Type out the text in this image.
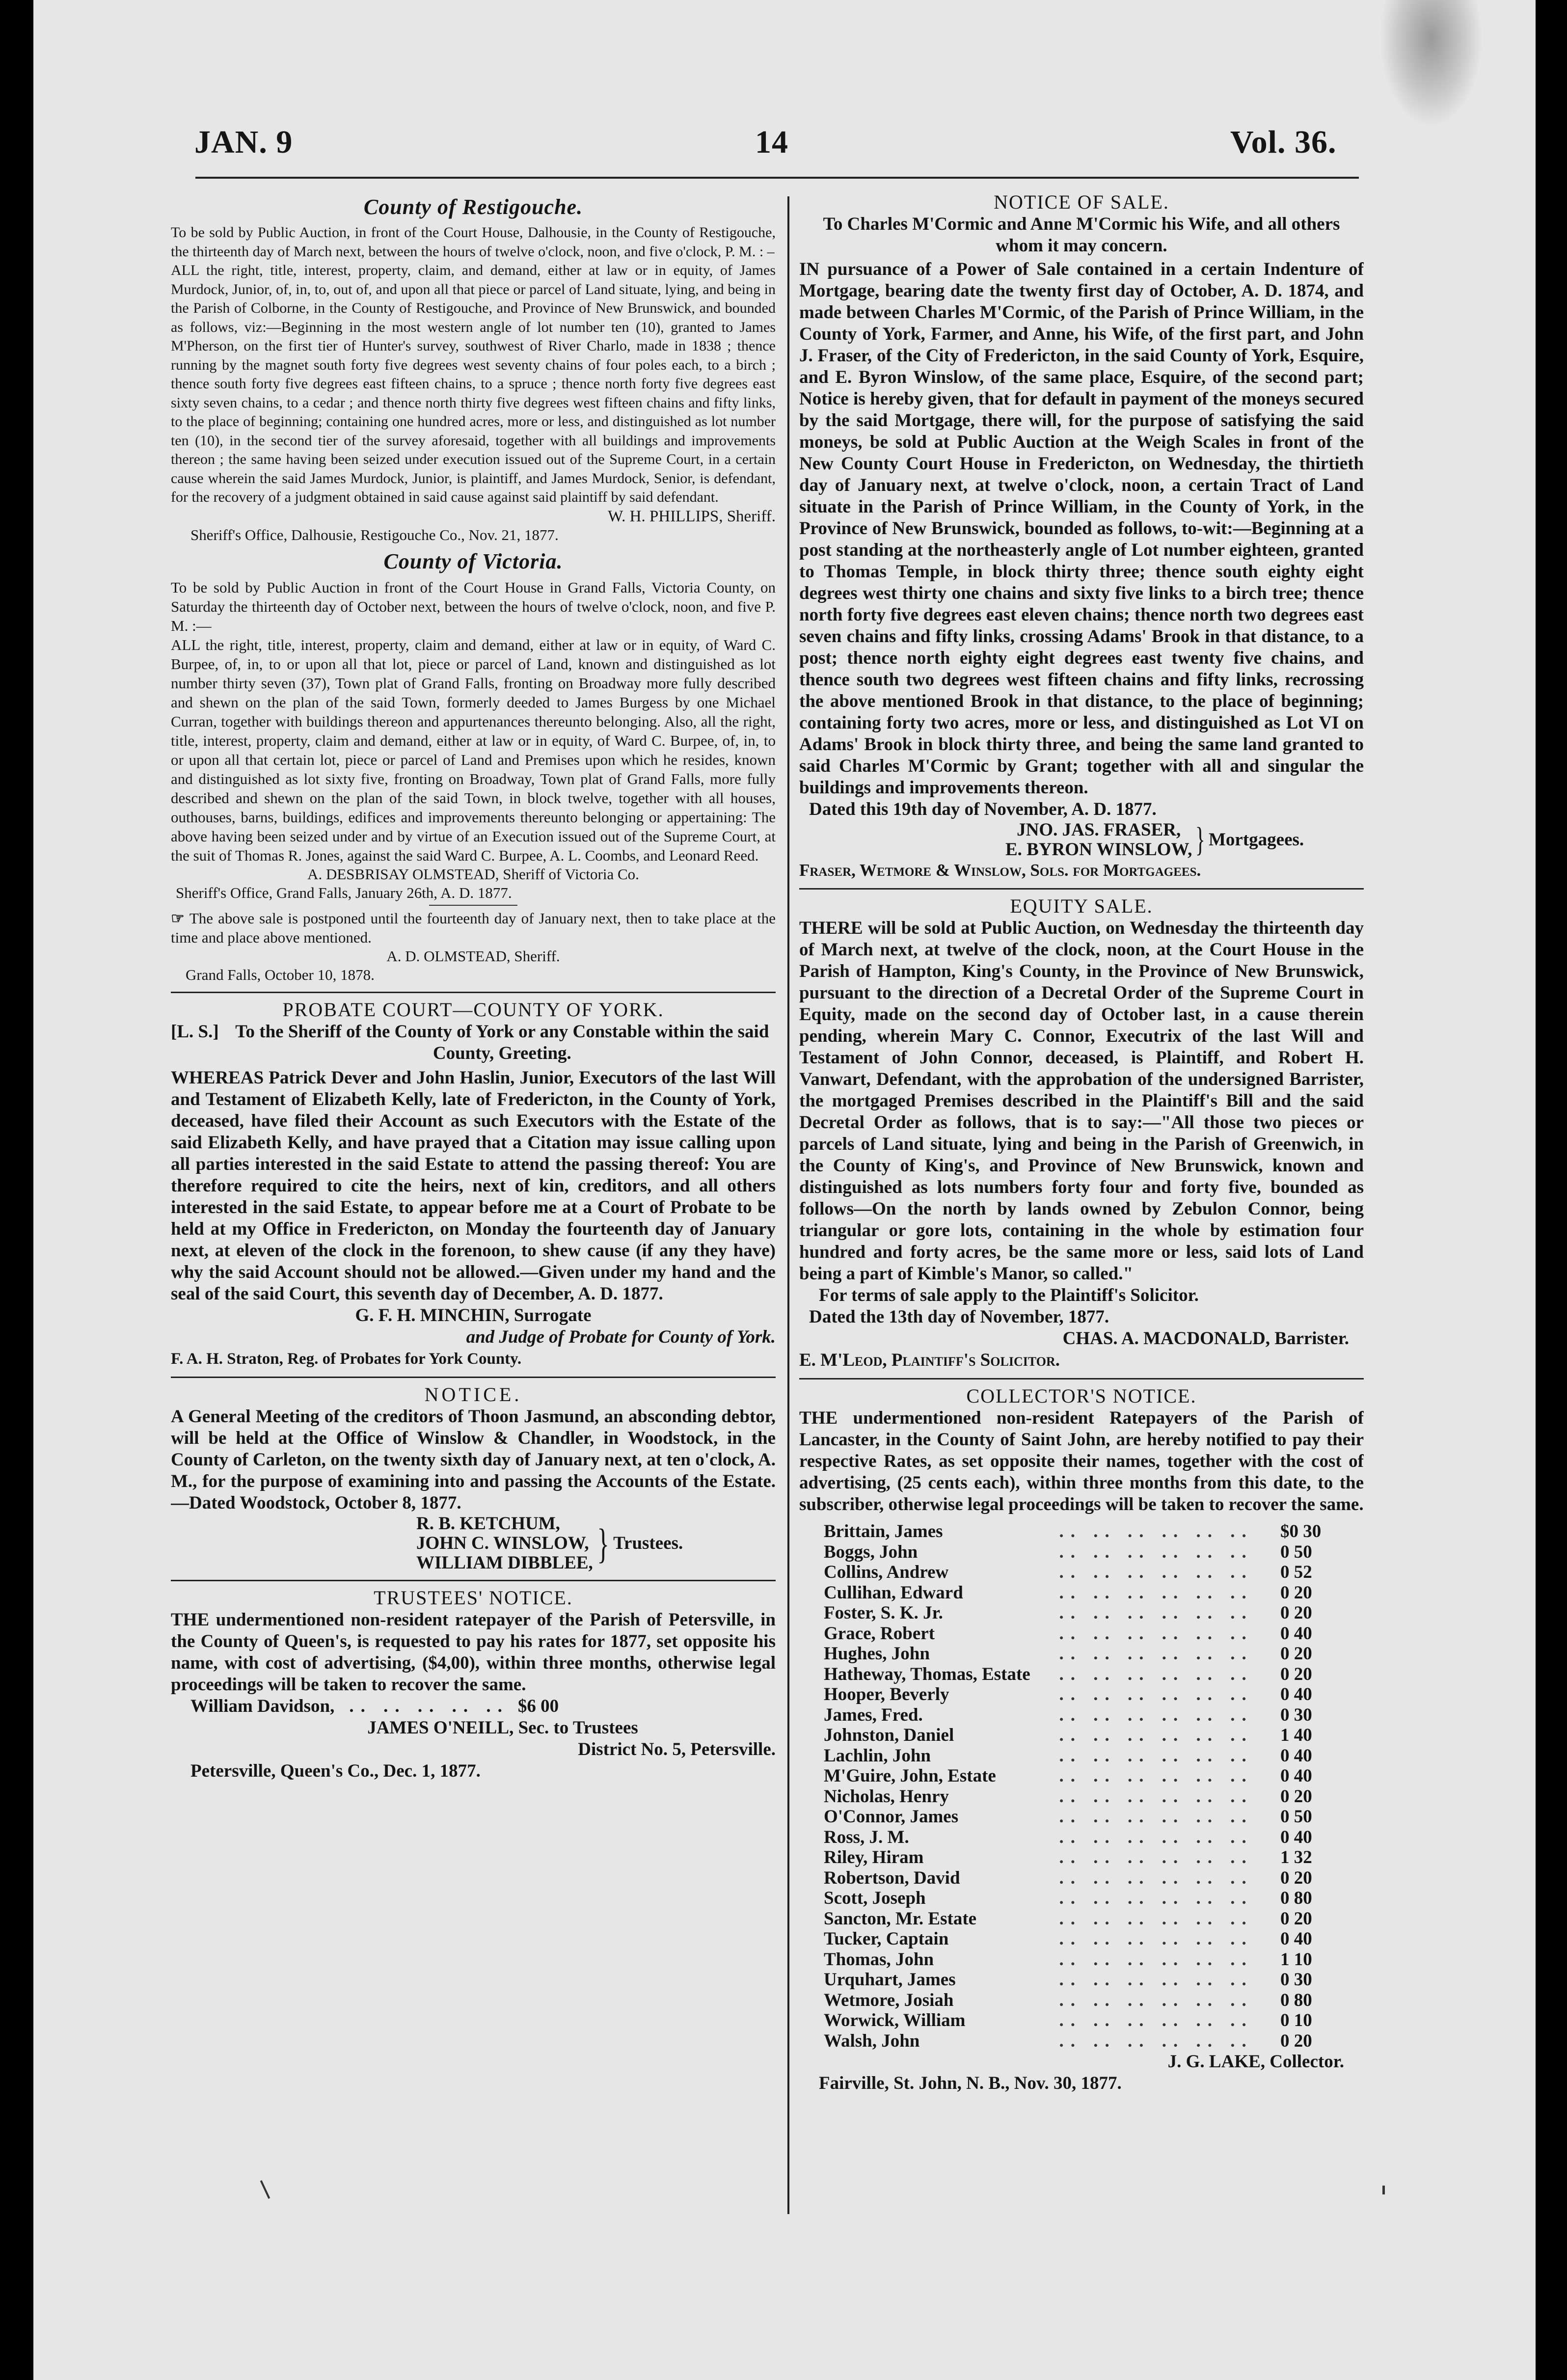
JAN. 9	14	Vol. 36.
County of Restigouche.
To be sold by Public Auction, in front of the Court House, Dalhousie, in the County of Restigouche, the thirteenth day of March next, between the hours of twelve o'clock, noon, and five o'clock, P. M. : –
ALL the right, title, interest, property, claim, and demand, either at law or in equity, of James Murdock, Junior, of, in, to, out of, and upon all that piece or parcel of Land situate, lying, and being in the Parish of Colborne, in the County of Restigouche, and Province of New Brunswick, and bounded as follows, viz:—Beginning in the most western angle of lot number ten (10), granted to James M'Pherson, on the first tier of Hunter's survey, southwest of River Charlo, made in 1838 ; thence running by the magnet south forty five degrees west seventy chains of four poles each, to a birch ; thence south forty five degrees east fifteen chains, to a spruce ; thence north forty five degrees east sixty seven chains, to a cedar ; and thence north thirty five degrees west fifteen chains and fifty links, to the place of beginning; containing one hundred acres, more or less, and distinguished as lot number ten (10), in the second tier of the survey aforesaid, together with all buildings and improvements thereon ; the same having been seized under execution issued out of the Supreme Court, in a certain cause wherein the said James Murdock, Junior, is plaintiff, and James Murdock, Senior, is defendant, for the recovery of a judgment obtained in said cause against said plaintiff by said defendant.
W. H. PHILLIPS, Sheriff.
Sheriff's Office, Dalhousie, Restigouche Co., Nov. 21, 1877.
County of Victoria.
To be sold by Public Auction in front of the Court House in Grand Falls, Victoria County, on Saturday the thirteenth day of October next, between the hours of twelve o'clock, noon, and five P. M. :—
ALL the right, title, interest, property, claim and demand, either at law or in equity, of Ward C. Burpee, of, in, to or upon all that lot, piece or parcel of Land, known and distinguished as lot number thirty seven (37), Town plat of Grand Falls, fronting on Broadway more fully described and shewn on the plan of the said Town, formerly deeded to James Burgess by one Michael Curran, together with buildings thereon and appurtenances thereunto belonging. Also, all the right, title, interest, property, claim and demand, either at law or in equity, of Ward C. Burpee, of, in, to or upon all that certain lot, piece or parcel of Land and Premises upon which he resides, known and distinguished as lot sixty five, fronting on Broadway, Town plat of Grand Falls, more fully described and shewn on the plan of the said Town, in block twelve, together with all houses, outhouses, barns, buildings, edifices and improvements thereunto belonging or appertaining: The above having been seized under and by virtue of an Execution issued out of the Supreme Court, at the suit of Thomas R. Jones, against the said Ward C. Burpee, A. L. Coombs, and Leonard Reed.
A. DESBRISAY OLMSTEAD, Sheriff of Victoria Co.
Sheriff's Office, Grand Falls, January 26th, A. D. 1877.
☞ The above sale is postponed until the fourteenth day of January next, then to take place at the time and place above mentioned.
A. D. OLMSTEAD, Sheriff.
Grand Falls, October 10, 1878.
PROBATE COURT—COUNTY OF YORK.
[L. S.] To the Sheriff of the County of York or any Constable within the said County, Greeting.
WHEREAS Patrick Dever and John Haslin, Junior, Executors of the last Will and Testament of Elizabeth Kelly, late of Fredericton, in the County of York, deceased, have filed their Account as such Executors with the Estate of the said Elizabeth Kelly, and have prayed that a Citation may issue calling upon all parties interested in the said Estate to attend the passing thereof: You are therefore required to cite the heirs, next of kin, creditors, and all others interested in the said Estate, to appear before me at a Court of Probate to be held at my Office in Fredericton, on Monday the fourteenth day of January next, at eleven of the clock in the forenoon, to shew cause (if any they have) why the said Account should not be allowed.—Given under my hand and the seal of the said Court, this seventh day of December, A. D. 1877.
G. F. H. MINCHIN, Surrogate
and Judge of Probate for County of York.
F. A. H. Straton, Reg. of Probates for York County.
NOTICE.
A General Meeting of the creditors of Thoon Jasmund, an absconding debtor, will be held at the Office of Winslow & Chandler, in Woodstock, in the County of Carleton, on the twenty sixth day of January next, at ten o'clock, A. M., for the purpose of examining into and passing the Accounts of the Estate.—Dated Woodstock, October 8, 1877.
R. B. KETCHUM,
JOHN C. WINSLOW,
WILLIAM DIBBLEE, } Trustees.
TRUSTEES' NOTICE.
THE undermentioned non-resident ratepayer of the Parish of Petersville, in the County of Queen's, is requested to pay his rates for 1877, set opposite his name, with cost of advertising, ($4,00), within three months, otherwise legal proceedings will be taken to recover the same.
William Davidson, .. .. .. .. .. $6 00
JAMES O'NEILL, Sec. to Trustees
District No. 5, Petersville.
Petersville, Queen's Co., Dec. 1, 1877.
NOTICE OF SALE.
To Charles M'Cormic and Anne M'Cormic his Wife, and all others whom it may concern.
IN pursuance of a Power of Sale contained in a certain Indenture of Mortgage, bearing date the twenty first day of October, A. D. 1874, and made between Charles M'Cormic, of the Parish of Prince William, in the County of York, Farmer, and Anne, his Wife, of the first part, and John J. Fraser, of the City of Fredericton, in the said County of York, Esquire, and E. Byron Winslow, of the same place, Esquire, of the second part; Notice is hereby given, that for default in payment of the moneys secured by the said Mortgage, there will, for the purpose of satisfying the said moneys, be sold at Public Auction at the Weigh Scales in front of the New County Court House in Fredericton, on Wednesday, the thirtieth day of January next, at twelve o'clock, noon, a certain Tract of Land situate in the Parish of Prince William, in the County of York, in the Province of New Brunswick, bounded as follows, to-wit:—Beginning at a post standing at the northeasterly angle of Lot number eighteen, granted to Thomas Temple, in block thirty three; thence south eighty eight degrees west thirty one chains and sixty five links to a birch tree; thence north forty five degrees east eleven chains; thence north two degrees east seven chains and fifty links, crossing Adams' Brook in that distance, to a post; thence north eighty eight degrees east twenty five chains, and thence south two degrees west fifteen chains and fifty links, recrossing the above mentioned Brook in that distance, to the place of beginning; containing forty two acres, more or less, and distinguished as Lot VI on Adams' Brook in block thirty three, and being the same land granted to said Charles M'Cormic by Grant; together with all and singular the buildings and improvements thereon.
Dated this 19th day of November, A. D. 1877.
JNO. JAS. FRASER,
E. BYRON WINSLOW, } Mortgagees.
Fraser, Wetmore & Winslow, Sols. for Mortgagees.
EQUITY SALE.
THERE will be sold at Public Auction, on Wednesday the thirteenth day of March next, at twelve of the clock, noon, at the Court House in the Parish of Hampton, King's County, in the Province of New Brunswick, pursuant to the direction of a Decretal Order of the Supreme Court in Equity, made on the second day of October last, in a cause therein pending, wherein Mary C. Connor, Executrix of the last Will and Testament of John Connor, deceased, is Plaintiff, and Robert H. Vanwart, Defendant, with the approbation of the undersigned Barrister, the mortgaged Premises described in the Plaintiff's Bill and the said Decretal Order as follows, that is to say:—"All those two pieces or parcels of Land situate, lying and being in the Parish of Greenwich, in the County of King's, and Province of New Brunswick, known and distinguished as lots numbers forty four and forty five, bounded as follows—On the north by lands owned by Zebulon Connor, being triangular or gore lots, containing in the whole by estimation four hundred and forty acres, be the same more or less, said lots of Land being a part of Kimble's Manor, so called."
For terms of sale apply to the Plaintiff's Solicitor.
Dated the 13th day of November, 1877.
CHAS. A. MACDONALD, Barrister.
E. M'Leod, Plaintiff's Solicitor.
COLLECTOR'S NOTICE.
THE undermentioned non-resident Ratepayers of the Parish of Lancaster, in the County of Saint John, are hereby notified to pay their respective Rates, as set opposite their names, together with the cost of advertising, (25 cents each), within three months from this date, to the subscriber, otherwise legal proceedings will be taken to recover the same.
Brittain, James	.. .. .. .. .. ..	$0 30
Boggs, John	.. .. .. .. .. ..	0 50
Collins, Andrew	.. .. .. .. .. ..	0 52
Cullihan, Edward	.. .. .. .. .. ..	0 20
Foster, S. K. Jr.	.. .. .. .. .. ..	0 20
Grace, Robert	.. .. .. .. .. ..	0 40
Hughes, John	.. .. .. .. .. ..	0 20
Hatheway, Thomas, Estate	.. .. .. .. .. ..	0 20
Hooper, Beverly	.. .. .. .. .. ..	0 40
James, Fred.	.. .. .. .. .. ..	0 30
Johnston, Daniel	.. .. .. .. .. ..	1 40
Lachlin, John	.. .. .. .. .. ..	0 40
M'Guire, John, Estate	.. .. .. .. .. ..	0 40
Nicholas, Henry	.. .. .. .. .. ..	0 20
O'Connor, James	.. .. .. .. .. ..	0 50
Ross, J. M.	.. .. .. .. .. ..	0 40
Riley, Hiram	.. .. .. .. .. ..	1 32
Robertson, David	.. .. .. .. .. ..	0 20
Scott, Joseph	.. .. .. .. .. ..	0 80
Sancton, Mr. Estate	.. .. .. .. .. ..	0 20
Tucker, Captain	.. .. .. .. .. ..	0 40
Thomas, John	.. .. .. .. .. ..	1 10
Urquhart, James	.. .. .. .. .. ..	0 30
Wetmore, Josiah	.. .. .. .. .. ..	0 80
Worwick, William	.. .. .. .. .. ..	0 10
Walsh, John	.. .. .. .. .. ..	0 20
J. G. LAKE, Collector.
Fairville, St. John, N. B., Nov. 30, 1877.
